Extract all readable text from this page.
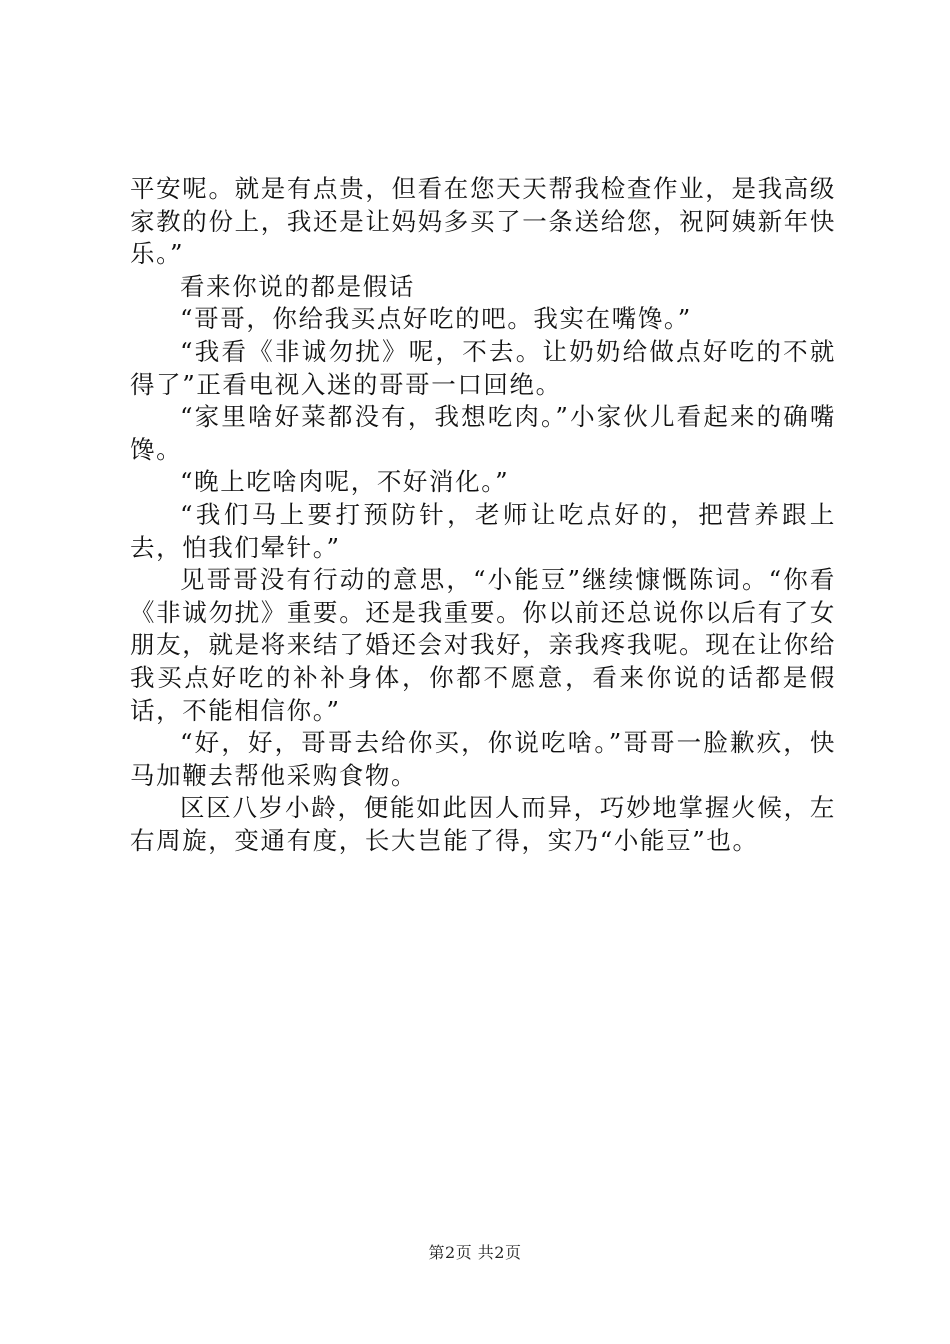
平安呢。就是有点贵，但看在您天天帮我检查作业，是我高级家教的份上，我还是让妈妈多买了一条送给您，祝阿姨新年快乐。”

看来你说的都是假话

“哥哥，你给我买点好吃的吧。我实在嘴馋。”

“我看《非诚勿扰》呢，不去。让奶奶给做点好吃的不就得了”正看电视入迷的哥哥一口回绝。

“家里啥好菜都没有，我想吃肉。”小家伙儿看起来的确嘴馋。

“晚上吃啥肉呢，不好消化。”

“我们马上要打预防针，老师让吃点好的，把营养跟上去，怕我们晕针。”

见哥哥没有行动的意思，“小能豆”继续慷慨陈词。“你看《非诚勿扰》重要。还是我重要。你以前还总说你以后有了女朋友，就是将来结了婚还会对我好，亲我疼我呢。现在让你给我买点好吃的补补身体，你都不愿意，看来你说的话都是假话，不能相信你。”

“好，好，哥哥去给你买，你说吃啥。”哥哥一脸歉疚，快马加鞭去帮他采购食物。

区区八岁小龄，便能如此因人而异，巧妙地掌握火候，左右周旋，变通有度，长大岂能了得，实乃“小能豆”也。

第2页 共2页
